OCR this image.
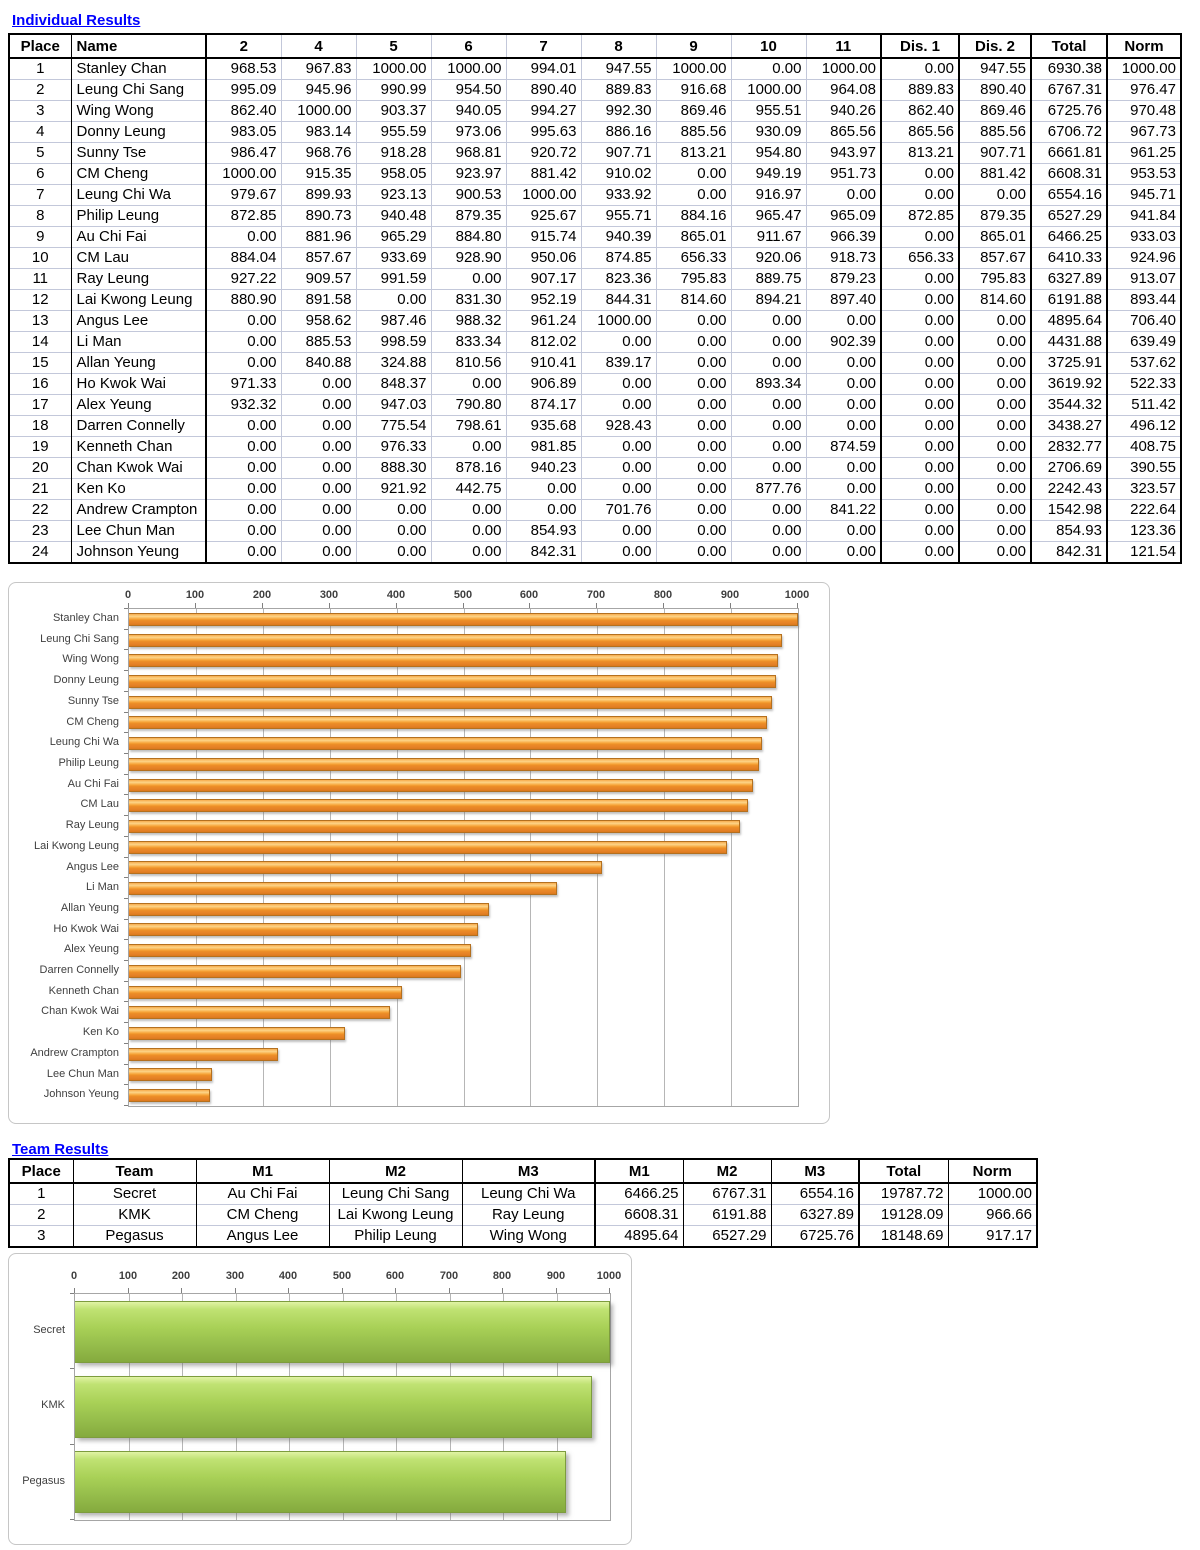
Individual Results
Team Results
Place	Name	2	4	5	6	7	8	9	10	11	Dis. 1	Dis. 2	Total	Norm
1	Stanley Chan	968.53	967.83	1000.00	1000.00	994.01	947.55	1000.00	0.00	1000.00	0.00	947.55	6930.38	1000.00
2	Leung Chi Sang	995.09	945.96	990.99	954.50	890.40	889.83	916.68	1000.00	964.08	889.83	890.40	6767.31	976.47
3	Wing Wong	862.40	1000.00	903.37	940.05	994.27	992.30	869.46	955.51	940.26	862.40	869.46	6725.76	970.48
4	Donny Leung	983.05	983.14	955.59	973.06	995.63	886.16	885.56	930.09	865.56	865.56	885.56	6706.72	967.73
5	Sunny Tse	986.47	968.76	918.28	968.81	920.72	907.71	813.21	954.80	943.97	813.21	907.71	6661.81	961.25
6	CM Cheng	1000.00	915.35	958.05	923.97	881.42	910.02	0.00	949.19	951.73	0.00	881.42	6608.31	953.53
7	Leung Chi Wa	979.67	899.93	923.13	900.53	1000.00	933.92	0.00	916.97	0.00	0.00	0.00	6554.16	945.71
8	Philip Leung	872.85	890.73	940.48	879.35	925.67	955.71	884.16	965.47	965.09	872.85	879.35	6527.29	941.84
9	Au Chi Fai	0.00	881.96	965.29	884.80	915.74	940.39	865.01	911.67	966.39	0.00	865.01	6466.25	933.03
10	CM Lau	884.04	857.67	933.69	928.90	950.06	874.85	656.33	920.06	918.73	656.33	857.67	6410.33	924.96
11	Ray Leung	927.22	909.57	991.59	0.00	907.17	823.36	795.83	889.75	879.23	0.00	795.83	6327.89	913.07
12	Lai Kwong Leung	880.90	891.58	0.00	831.30	952.19	844.31	814.60	894.21	897.40	0.00	814.60	6191.88	893.44
13	Angus Lee	0.00	958.62	987.46	988.32	961.24	1000.00	0.00	0.00	0.00	0.00	0.00	4895.64	706.40
14	Li Man	0.00	885.53	998.59	833.34	812.02	0.00	0.00	0.00	902.39	0.00	0.00	4431.88	639.49
15	Allan Yeung	0.00	840.88	324.88	810.56	910.41	839.17	0.00	0.00	0.00	0.00	0.00	3725.91	537.62
16	Ho Kwok Wai	971.33	0.00	848.37	0.00	906.89	0.00	0.00	893.34	0.00	0.00	0.00	3619.92	522.33
17	Alex Yeung	932.32	0.00	947.03	790.80	874.17	0.00	0.00	0.00	0.00	0.00	0.00	3544.32	511.42
18	Darren Connelly	0.00	0.00	775.54	798.61	935.68	928.43	0.00	0.00	0.00	0.00	0.00	3438.27	496.12
19	Kenneth Chan	0.00	0.00	976.33	0.00	981.85	0.00	0.00	0.00	874.59	0.00	0.00	2832.77	408.75
20	Chan Kwok Wai	0.00	0.00	888.30	878.16	940.23	0.00	0.00	0.00	0.00	0.00	0.00	2706.69	390.55
21	Ken Ko	0.00	0.00	921.92	442.75	0.00	0.00	0.00	877.76	0.00	0.00	0.00	2242.43	323.57
22	Andrew Crampton	0.00	0.00	0.00	0.00	0.00	701.76	0.00	0.00	841.22	0.00	0.00	1542.98	222.64
23	Lee Chun Man	0.00	0.00	0.00	0.00	854.93	0.00	0.00	0.00	0.00	0.00	0.00	854.93	123.36
24	Johnson Yeung	0.00	0.00	0.00	0.00	842.31	0.00	0.00	0.00	0.00	0.00	0.00	842.31	121.54
Place	Team	M1	M2	M3	M1	M2	M3	Total	Norm
1	Secret	Au Chi Fai	Leung Chi Sang	Leung Chi Wa	6466.25	6767.31	6554.16	19787.72	1000.00
2	KMK	CM Cheng	Lai Kwong Leung	Ray Leung	6608.31	6191.88	6327.89	19128.09	966.66
3	Pegasus	Angus Lee	Philip Leung	Wing Wong	4895.64	6527.29	6725.76	18148.69	917.17
0	100	200	300	400	500	600	700	800	900	1000
Stanley Chan
Leung Chi Sang
Wing Wong
Donny Leung
Sunny Tse
CM Cheng
Leung Chi Wa
Philip Leung
Au Chi Fai
CM Lau
Ray Leung
Lai Kwong Leung
Angus Lee
Li Man
Allan Yeung
Ho Kwok Wai
Alex Yeung
Darren Connelly
Kenneth Chan
Chan Kwok Wai
Ken Ko
Andrew Crampton
Lee Chun Man
Johnson Yeung
0	100	200	300	400	500	600	700	800	900	1000
Secret
KMK
Pegasus
